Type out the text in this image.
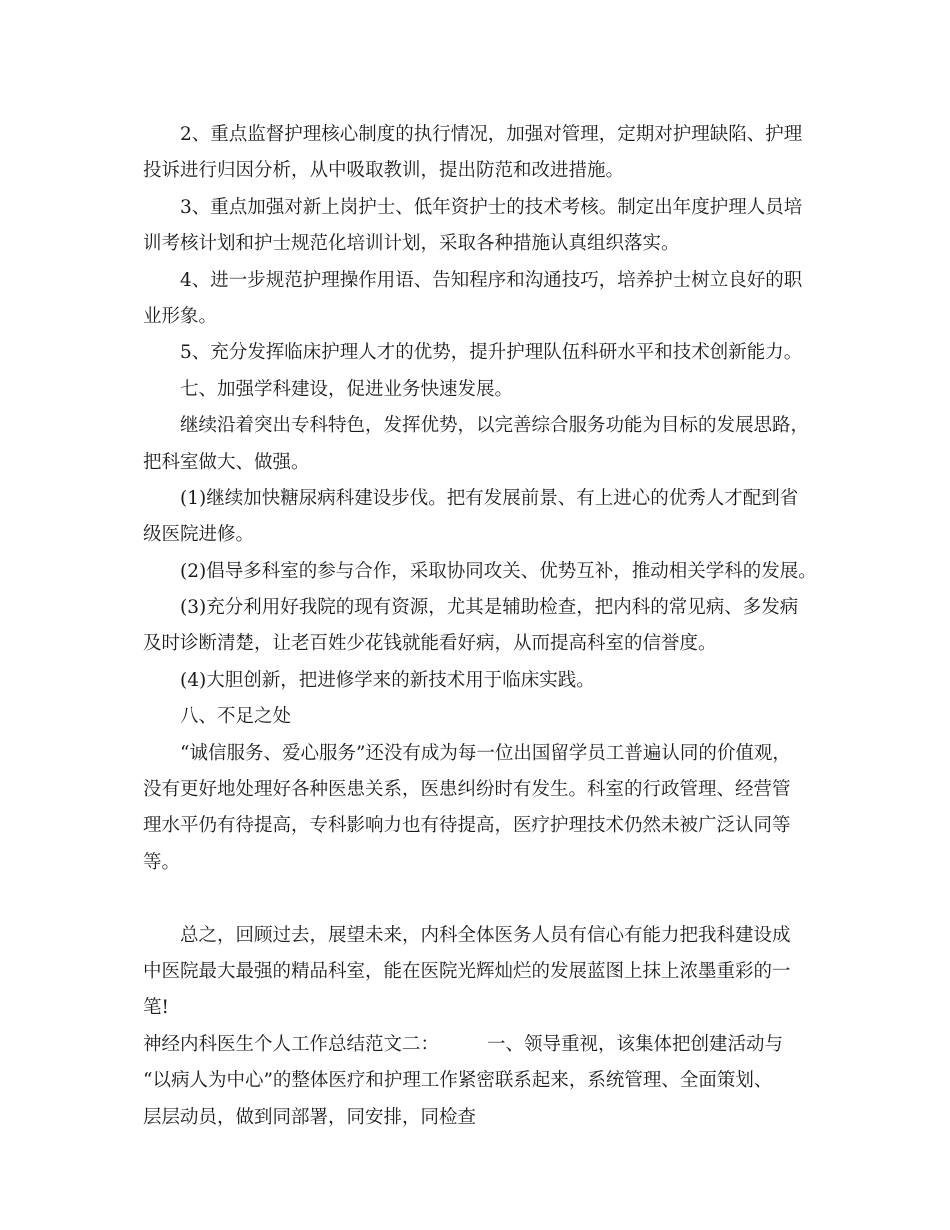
2、重点监督护理核心制度的执行情况，加强对管理，定期对护理缺陷、护理
投诉进行归因分析，从中吸取教训，提出防范和改进措施。
3、重点加强对新上岗护士、低年资护士的技术考核。制定出年度护理人员培
训考核计划和护士规范化培训计划，采取各种措施认真组织落实。
4、进一步规范护理操作用语、告知程序和沟通技巧，培养护士树立良好的职
业形象。
5、充分发挥临床护理人才的优势，提升护理队伍科研水平和技术创新能力。
七、加强学科建设，促进业务快速发展。
继续沿着突出专科特色，发挥优势，以完善综合服务功能为目标的发展思路，
把科室做大、做强。
(1)继续加快糖尿病科建设步伐。把有发展前景、有上进心的优秀人才配到省
级医院进修。
(2)倡导多科室的参与合作，采取协同攻关、优势互补，推动相关学科的发展。
(3)充分利用好我院的现有资源，尤其是辅助检查，把内科的常见病、多发病
及时诊断清楚，让老百姓少花钱就能看好病，从而提高科室的信誉度。
(4)大胆创新，把进修学来的新技术用于临床实践。
八、不足之处
“诚信服务、爱心服务”还没有成为每一位出国留学员工普遍认同的价值观，
没有更好地处理好各种医患关系，医患纠纷时有发生。科室的行政管理、经营管
理水平仍有待提高，专科影响力也有待提高，医疗护理技术仍然未被广泛认同等
等。
总之，回顾过去，展望未来，内科全体医务人员有信心有能力把我科建设成
中医院最大最强的精品科室，能在医院光辉灿烂的发展蓝图上抹上浓墨重彩的一
笔!
神经内科医生个人工作总结范文二：	一、领导重视，该集体把创建活动与
“以病人为中心”的整体医疗和护理工作紧密联系起来，系统管理、全面策划、
层层动员，做到同部署，同安排，同检查
